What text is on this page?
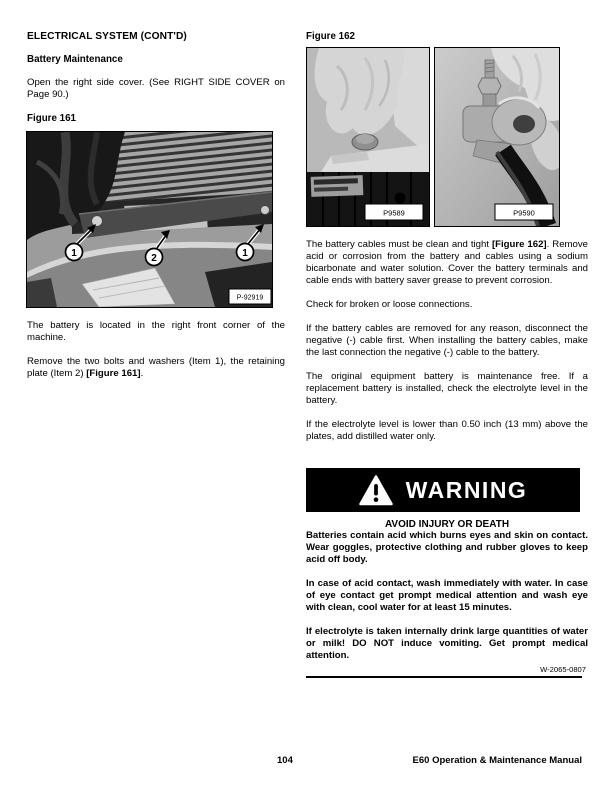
ELECTRICAL SYSTEM (CONT'D)
Battery Maintenance

Open the right side cover. (See RIGHT SIDE COVER on Page 90.)

Figure 161
1	2	1
P-92919

The battery is located in the right front corner of the machine.

Remove the two bolts and washers (Item 1), the retaining plate (Item 2) [Figure 161].

Figure 162
P9589	P9590

The battery cables must be clean and tight [Figure 162]. Remove acid or corrosion from the battery and cables using a sodium bicarbonate and water solution. Cover the battery terminals and cable ends with battery saver grease to prevent corrosion.

Check for broken or loose connections.

If the battery cables are removed for any reason, disconnect the negative (-) cable first. When installing the battery cables, make the last connection the negative (-) cable to the battery.

The original equipment battery is maintenance free. If a replacement battery is installed, check the electrolyte level in the battery.

If the electrolyte level is lower than 0.50 inch (13 mm) above the plates, add distilled water only.

WARNING
AVOID INJURY OR DEATH

Batteries contain acid which burns eyes and skin on contact. Wear goggles, protective clothing and rubber gloves to keep acid off body.

In case of acid contact, wash immediately with water. In case of eye contact get prompt medical attention and wash eye with clean, cool water for at least 15 minutes.

If electrolyte is taken internally drink large quantities of water or milk! DO NOT induce vomiting. Get prompt medical attention.

W-2065-0807
104	E60 Operation & Maintenance Manual
